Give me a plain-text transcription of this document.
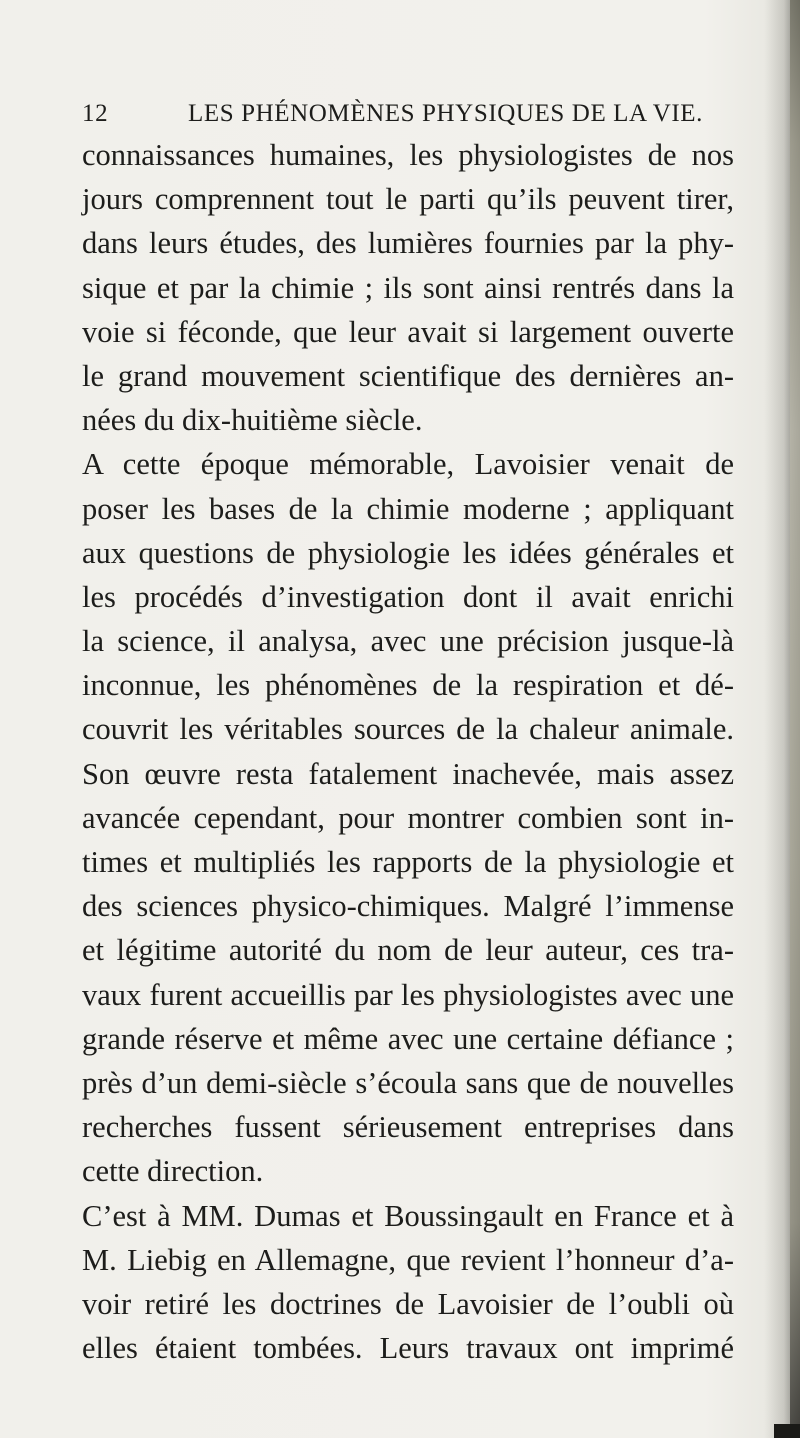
12	LES PHÉNOMÈNES PHYSIQUES DE LA VIE.
connaissances humaines, les physiologistes de nos
jours comprennent tout le parti qu’ils peuvent tirer,
dans leurs études, des lumières fournies par la phy-
sique et par la chimie ; ils sont ainsi rentrés dans la
voie si féconde, que leur avait si largement ouverte
le grand mouvement scientifique des dernières an-
nées du dix-huitième siècle.
A cette époque mémorable, Lavoisier venait de
poser les bases de la chimie moderne ; appliquant
aux questions de physiologie les idées générales et
les procédés d’investigation dont il avait enrichi
la science, il analysa, avec une précision jusque-là
inconnue, les phénomènes de la respiration et dé-
couvrit les véritables sources de la chaleur animale.
Son œuvre resta fatalement inachevée, mais assez
avancée cependant, pour montrer combien sont in-
times et multipliés les rapports de la physiologie et
des sciences physico-chimiques. Malgré l’immense
et légitime autorité du nom de leur auteur, ces tra-
vaux furent accueillis par les physiologistes avec une
grande réserve et même avec une certaine défiance ;
près d’un demi-siècle s’écoula sans que de nouvelles
recherches fussent sérieusement entreprises dans
cette direction.
C’est à MM. Dumas et Boussingault en France et à
M. Liebig en Allemagne, que revient l’honneur d’a-
voir retiré les doctrines de Lavoisier de l’oubli où
elles étaient tombées. Leurs travaux ont imprimé
